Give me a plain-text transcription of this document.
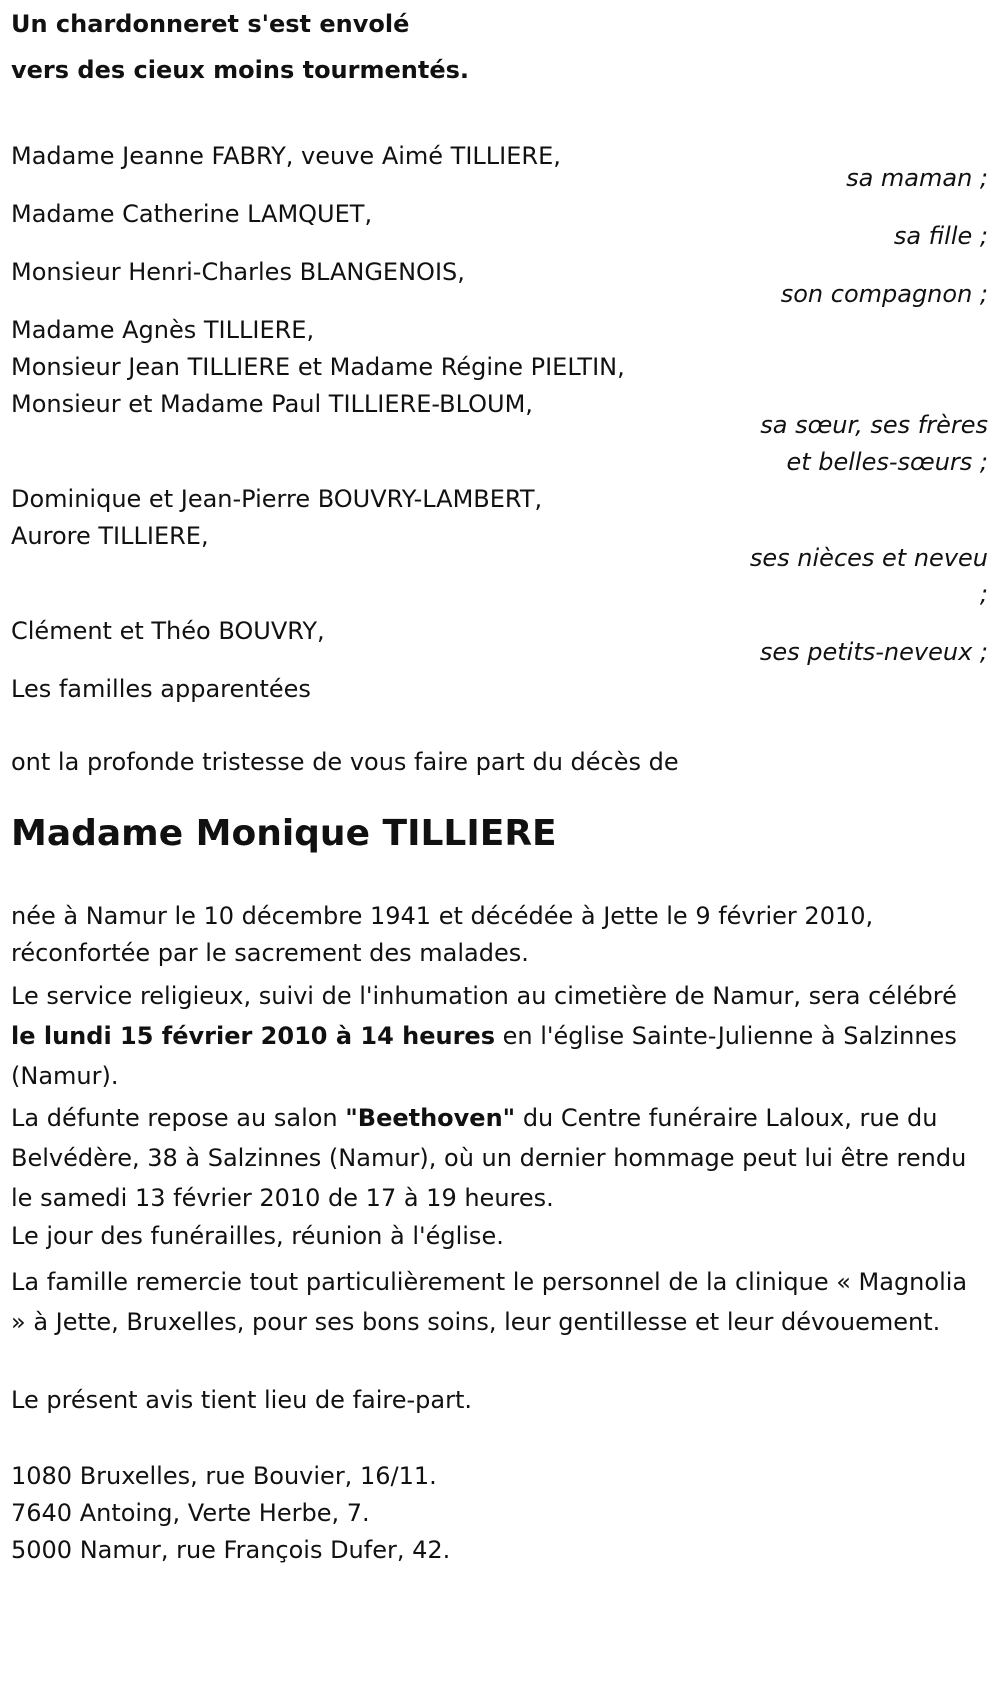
Un chardonneret s'est envolé
vers des cieux moins tourmentés.
Madame Jeanne FABRY, veuve Aimé TILLIERE,
sa maman ;
Madame Catherine LAMQUET,
sa fille ;
Monsieur Henri-Charles BLANGENOIS,
son compagnon ;
Madame Agnès TILLIERE,
Monsieur Jean TILLIERE et Madame Régine PIELTIN,
Monsieur et Madame Paul TILLIERE-BLOUM,
sa sœur, ses frères
et belles-sœurs ;
Dominique et Jean-Pierre BOUVRY-LAMBERT,
Aurore TILLIERE,
ses nièces et neveu
;
Clément et Théo BOUVRY,
ses petits-neveux ;
Les familles apparentées
ont la profonde tristesse de vous faire part du décès de
Madame Monique TILLIERE
née à Namur le 10 décembre 1941 et décédée à Jette le 9 février 2010,
réconfortée par le sacrement des malades.
Le service religieux, suivi de l'inhumation au cimetière de Namur, sera célébré le lundi 15 février 2010 à 14 heures en l'église Sainte-Julienne à Salzinnes (Namur).
La défunte repose au salon "Beethoven" du Centre funéraire Laloux, rue du Belvédère, 38 à Salzinnes (Namur), où un dernier hommage peut lui être rendu le samedi 13 février 2010 de 17 à 19 heures.
Le jour des funérailles, réunion à l'église.
La famille remercie tout particulièrement le personnel de la clinique « Magnolia » à Jette, Bruxelles, pour ses bons soins, leur gentillesse et leur dévouement.
Le présent avis tient lieu de faire-part.
1080 Bruxelles, rue Bouvier, 16/11.
7640 Antoing, Verte Herbe, 7.
5000 Namur, rue François Dufer, 42.
